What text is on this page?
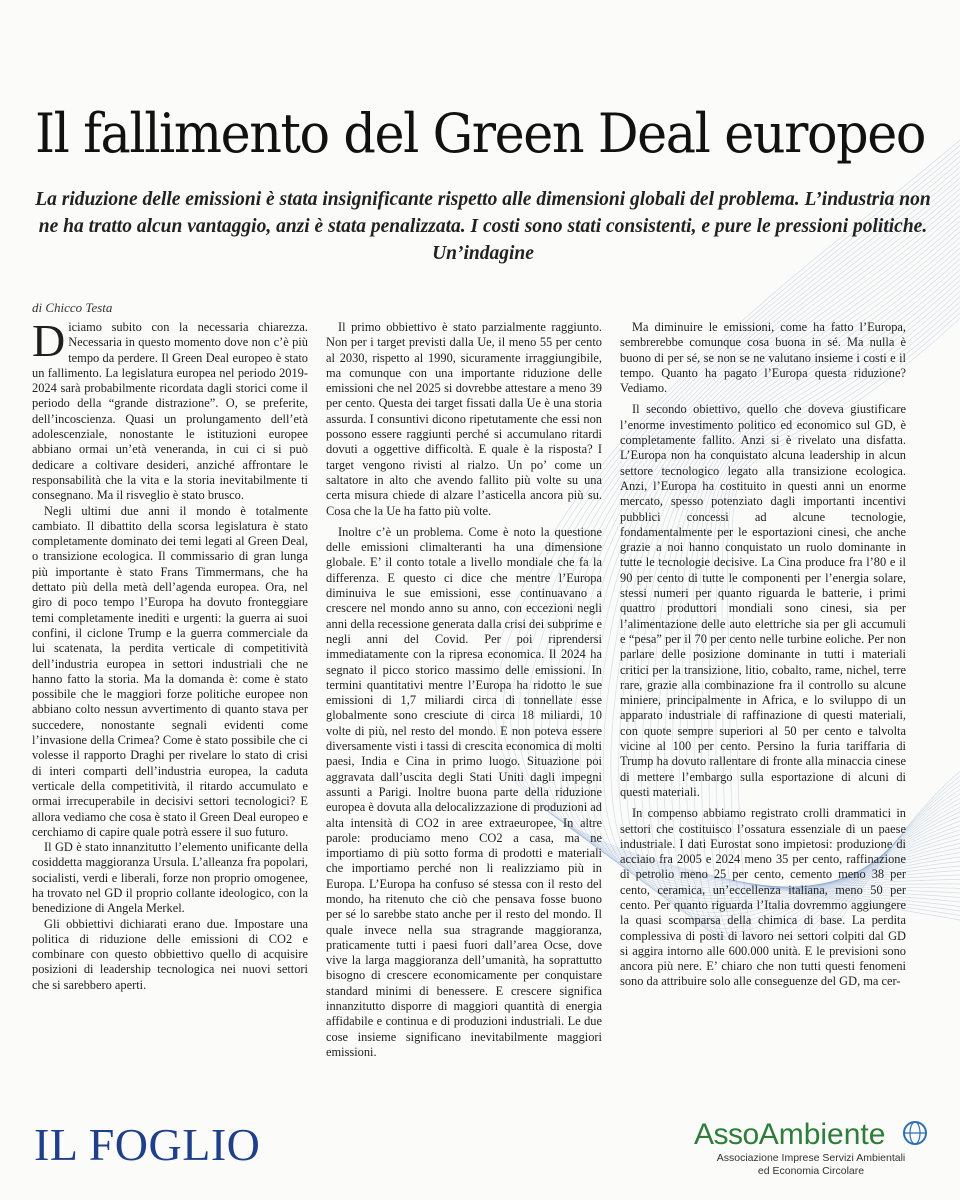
Il fallimento del Green Deal europeo

La riduzione delle emissioni è stata insignificante rispetto alle dimensioni globali del problema. L’industria non ne ha tratto alcun vantaggio, anzi è stata penalizzata. I costi sono stati consistenti, e pure le pressioni politiche. Un’indagine

di Chicco Testa

Diciamo subito con la necessaria chiarezza. Necessaria in questo momento dove non c’è più tempo da perdere. Il Green Deal europeo è stato un fallimento. La legislatura europea nel periodo 2019-2024 sarà probabilmente ricordata dagli storici come il periodo della “grande distrazione”. O, se preferite, dell’incoscienza. Quasi un prolungamento dell’età adolescenziale, nonostante le istituzioni europee abbiano ormai un’età veneranda, in cui ci si può dedicare a coltivare desideri, anziché affrontare le responsabilità che la vita e la storia inevitabilmente ti consegnano. Ma il risveglio è stato brusco.

Negli ultimi due anni il mondo è totalmente cambiato. Il dibattito della scorsa legislatura è stato completamente dominato dei temi legati al Green Deal, o transizione ecologica. Il commissario di gran lunga più importante è stato Frans Timmermans, che ha dettato più della metà dell’agenda europea. Ora, nel giro di poco tempo l’Europa ha dovuto fronteggiare temi completamente inediti e urgenti: la guerra ai suoi confini, il ciclone Trump e la guerra commerciale da lui scatenata, la perdita verticale di competitività dell’industria europea in settori industriali che ne hanno fatto la storia. Ma la domanda è: come è stato possibile che le maggiori forze politiche europee non abbiano colto nessun avvertimento di quanto stava per succedere, nonostante segnali evidenti come l’invasione della Crimea? Come è stato possibile che ci volesse il rapporto Draghi per rivelare lo stato di crisi di interi comparti dell’industria europea, la caduta verticale della competitività, il ritardo accumulato e ormai irrecuperabile in decisivi settori tecnologici? E allora vediamo che cosa è stato il Green Deal europeo e cerchiamo di capire quale potrà essere il suo futuro.

Il GD è stato innanzitutto l’elemento unificante della cosiddetta maggioranza Ursula. L’alleanza fra popolari, socialisti, verdi e liberali, forze non proprio omogenee, ha trovato nel GD il proprio collante ideologico, con la benedizione di Angela Merkel.

Gli obbiettivi dichiarati erano due. Impostare una politica di riduzione delle emissioni di CO2 e combinare con questo obbiettivo quello di acquisire posizioni di leadership tecnologica nei nuovi settori che si sarebbero aperti.

Il primo obbiettivo è stato parzialmente raggiunto. Non per i target previsti dalla Ue, il meno 55 per cento al 2030, rispetto al 1990, sicuramente irraggiungibile, ma comunque con una importante riduzione delle emissioni che nel 2025 si dovrebbe attestare a meno 39 per cento. Questa dei target fissati dalla Ue è una storia assurda. I consuntivi dicono ripetutamente che essi non possono essere raggiunti perché si accumulano ritardi dovuti a oggettive difficoltà. E quale è la risposta? I target vengono rivisti al rialzo. Un po’ come un saltatore in alto che avendo fallito più volte su una certa misura chiede di alzare l’asticella ancora più su. Cosa che la Ue ha fatto più volte.

Inoltre c’è un problema. Come è noto la questione delle emissioni climalteranti ha una dimensione globale. E’ il conto totale a livello mondiale che fa la differenza. E questo ci dice che mentre l’Europa diminuiva le sue emissioni, esse continuavano a crescere nel mondo anno su anno, con eccezioni negli anni della recessione generata dalla crisi dei subprime e negli anni del Covid. Per poi riprendersi immediatamente con la ripresa economica. Il 2024 ha segnato il picco storico massimo delle emissioni. In termini quantitativi mentre l’Europa ha ridotto le sue emissioni di 1,7 miliardi circa di tonnellate esse globalmente sono cresciute di circa 18 miliardi, 10 volte di più, nel resto del mondo. E non poteva essere diversamente visti i tassi di crescita economica di molti paesi, India e Cina in primo luogo. Situazione poi aggravata dall’uscita degli Stati Uniti dagli impegni assunti a Parigi. Inoltre buona parte della riduzione europea è dovuta alla delocalizzazione di produzioni ad alta intensità di CO2 in aree extraeuropee, In altre parole: produciamo meno CO2 a casa, ma ne importiamo di più sotto forma di prodotti e materiali che importiamo perché non li realizziamo più in Europa. L’Europa ha confuso sé stessa con il resto del mondo, ha ritenuto che ciò che pensava fosse buono per sé lo sarebbe stato anche per il resto del mondo. Il quale invece nella sua stragrande maggioranza, praticamente tutti i paesi fuori dall’area Ocse, dove vive la larga maggioranza dell’umanità, ha soprattutto bisogno di crescere economicamente per conquistare standard minimi di benessere. E crescere significa innanzitutto disporre di maggiori quantità di energia affidabile e continua e di produzioni industriali. Le due cose insieme significano inevitabilmente maggiori emissioni.

Ma diminuire le emissioni, come ha fatto l’Europa, sembrerebbe comunque cosa buona in sé. Ma nulla è buono di per sé, se non se ne valutano insieme i costi e il tempo. Quanto ha pagato l’Europa questa riduzione? Vediamo.

Il secondo obiettivo, quello che doveva giustificare l’enorme investimento politico ed economico sul GD, è completamente fallito. Anzi si è rivelato una disfatta. L’Europa non ha conquistato alcuna leadership in alcun settore tecnologico legato alla transizione ecologica. Anzi, l’Europa ha costituito in questi anni un enorme mercato, spesso potenziato dagli importanti incentivi pubblici concessi ad alcune tecnologie, fondamentalmente per le esportazioni cinesi, che anche grazie a noi hanno conquistato un ruolo dominante in tutte le tecnologie decisive. La Cina produce fra l’80 e il 90 per cento di tutte le componenti per l’energia solare, stessi numeri per quanto riguarda le batterie, i primi quattro produttori mondiali sono cinesi, sia per l’alimentazione delle auto elettriche sia per gli accumuli e “pesa” per il 70 per cento nelle turbine eoliche. Per non parlare delle posizione dominante in tutti i materiali critici per la transizione, litio, cobalto, rame, nichel, terre rare, grazie alla combinazione fra il controllo su alcune miniere, principalmente in Africa, e lo sviluppo di un apparato industriale di raffinazione di questi materiali, con quote sempre superiori al 50 per cento e talvolta vicine al 100 per cento. Persino la furia tariffaria di Trump ha dovuto rallentare di fronte alla minaccia cinese di mettere l’embargo sulla esportazione di alcuni di questi materiali.

In compenso abbiamo registrato crolli drammatici in settori che costituisco l’ossatura essenziale di un paese industriale. I dati Eurostat sono impietosi: produzione di acciaio fra 2005 e 2024 meno 35 per cento, raffinazione di petrolio meno 25 per cento, cemento meno 38 per cento, ceramica, un’eccellenza italiana, meno 50 per cento. Per quanto riguarda l’Italia dovremmo aggiungere la quasi scomparsa della chimica di base. La perdita complessiva di posti di lavoro nei settori colpiti dal GD si aggira intorno alle 600.000 unità. E le previsioni sono ancora più nere. E’ chiaro che non tutti questi fenomeni sono da attribuire solo alle conseguenze del GD, ma cer-

IL FOGLIO	AssoAmbiente
Associazione Imprese Servizi Ambientali
ed Economia Circolare
